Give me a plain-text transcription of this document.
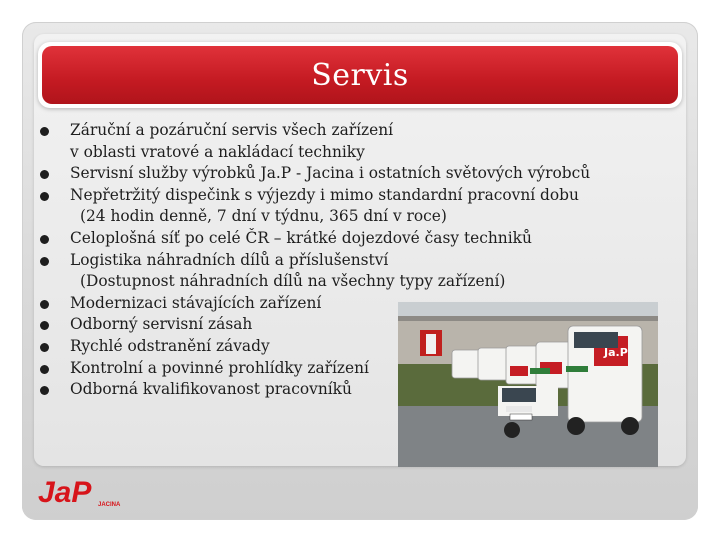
Servis
Záruční a pozáruční servis všech zařízení
v oblasti vratové a nakládací techniky
Servisní služby výrobků Ja.P - Jacina i ostatních světových výrobců
Nepřetržitý dispečink s výjezdy i mimo standardní pracovní dobu
(24 hodin denně, 7 dní v týdnu, 365 dní v roce)
Celoplošná síť po celé ČR – krátké dojezdové časy techniků
Logistika náhradních dílů a příslušenství
(Dostupnost náhradních dílů na všechny typy zařízení)
Modernizaci stávajících zařízení
Odborný servisní zásah
Rychlé odstranění závady
Kontrolní a povinné prohlídky zařízení
Odborná kvalifikovanost pracovníků
Ja.P
JaP JACINA
